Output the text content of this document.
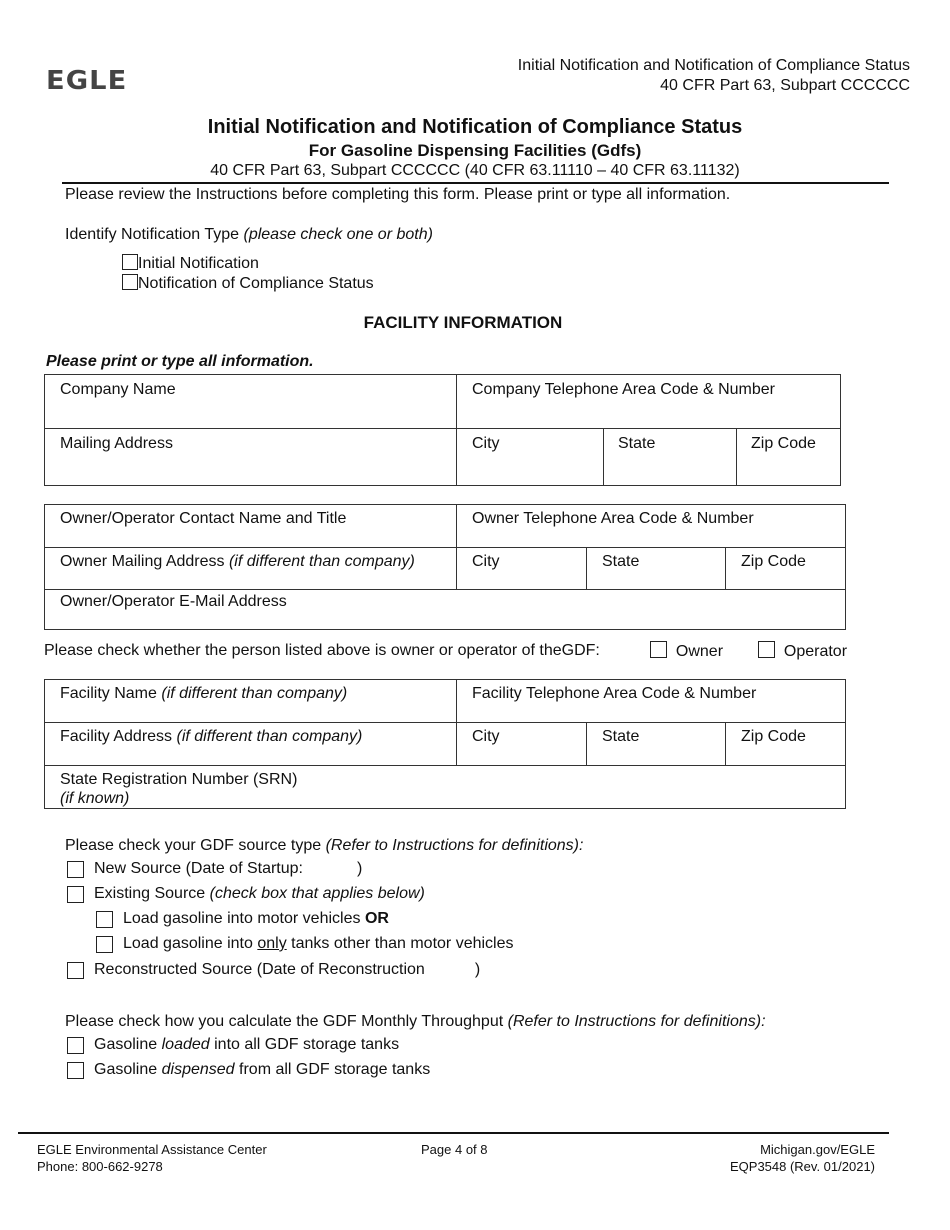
EGLE
Initial Notification and Notification of Compliance Status
40 CFR Part 63, Subpart CCCCCC
Initial Notification and Notification of Compliance Status
For Gasoline Dispensing Facilities (Gdfs)
40 CFR Part 63, Subpart CCCCCC (40 CFR 63.11110 – 40 CFR 63.11132)
Please review the Instructions before completing this form. Please print or type all information.
Identify Notification Type (please check one or both)
Initial Notification
Notification of Compliance Status
FACILITY INFORMATION
Please print or type all information.
Company Name	Company Telephone Area Code & Number
Mailing Address	City	State	Zip Code
Owner/Operator Contact Name and Title	Owner Telephone Area Code & Number
Owner Mailing Address (if different than company)	City	State	Zip Code
Owner/Operator E-Mail Address
Please check whether the person listed above is owner or operator of theGDF:	Owner	Operator
Facility Name (if different than company)	Facility Telephone Area Code & Number
Facility Address (if different than company)	City	State	Zip Code
State Registration Number (SRN)
(if known)
Please check your GDF source type (Refer to Instructions for definitions):
New Source (Date of Startup:	)
Existing Source (check box that applies below)
Load gasoline into motor vehicles OR
Load gasoline into only tanks other than motor vehicles
Reconstructed Source (Date of Reconstruction	)
Please check how you calculate the GDF Monthly Throughput (Refer to Instructions for definitions):
Gasoline loaded into all GDF storage tanks
Gasoline dispensed from all GDF storage tanks
EGLE Environmental Assistance Center
Phone: 800-662-9278
Page 4 of 8	Michigan.gov/EGLE
EQP3548 (Rev. 01/2021)
